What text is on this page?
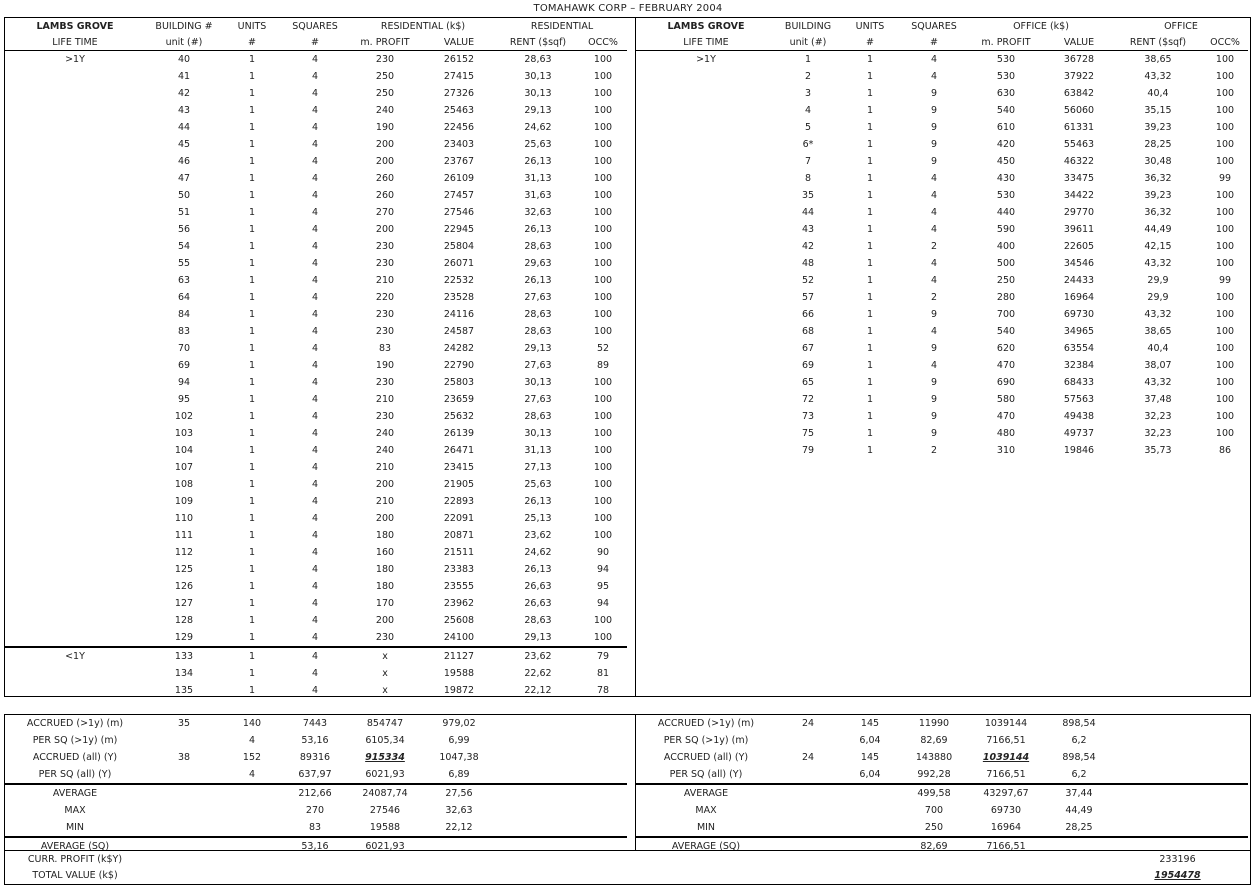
TOMAHAWK CORP – FEBRUARY 2004
LAMBS GROVE	BUILDING #	UNITS	SQUARES	RESIDENTIAL (k$)		RESIDENTIAL	
LIFE TIME	unit (#)	#	#	m. PROFIT	VALUE	RENT ($sqf)	OCC%
>1Y	40	1	4	230	26152	28,63	100
	41	1	4	250	27415	30,13	100
	42	1	4	250	27326	30,13	100
	43	1	4	240	25463	29,13	100
	44	1	4	190	22456	24,62	100
	45	1	4	200	23403	25,63	100
	46	1	4	200	23767	26,13	100
	47	1	4	260	26109	31,13	100
	50	1	4	260	27457	31,63	100
	51	1	4	270	27546	32,63	100
	56	1	4	200	22945	26,13	100
	54	1	4	230	25804	28,63	100
	55	1	4	230	26071	29,63	100
	63	1	4	210	22532	26,13	100
	64	1	4	220	23528	27,63	100
	84	1	4	230	24116	28,63	100
	83	1	4	230	24587	28,63	100
	70	1	4	83	24282	29,13	52
	69	1	4	190	22790	27,63	89
	94	1	4	230	25803	30,13	100
	95	1	4	210	23659	27,63	100
	102	1	4	230	25632	28,63	100
	103	1	4	240	26139	30,13	100
	104	1	4	240	26471	31,13	100
	107	1	4	210	23415	27,13	100
	108	1	4	200	21905	25,63	100
	109	1	4	210	22893	26,13	100
	110	1	4	200	22091	25,13	100
	111	1	4	180	20871	23,62	100
	112	1	4	160	21511	24,62	90
	125	1	4	180	23383	26,13	94
	126	1	4	180	23555	26,63	95
	127	1	4	170	23962	26,63	94
	128	1	4	200	25608	28,63	100
	129	1	4	230	24100	29,13	100
<1Y	133	1	4	x	21127	23,62	79
	134	1	4	x	19588	22,62	81
	135	1	4	x	19872	22,12	78
LAMBS GROVE	BUILDING	UNITS	SQUARES	OFFICE (k$)		OFFICE	
LIFE TIME	unit (#)	#	#	m. PROFIT	VALUE	RENT ($sqf)	OCC%
>1Y	1	1	4	530	36728	38,65	100
	2	1	4	530	37922	43,32	100
	3	1	9	630	63842	40,4	100
	4	1	9	540	56060	35,15	100
	5	1	9	610	61331	39,23	100
	6*	1	9	420	55463	28,25	100
	7	1	9	450	46322	30,48	100
	8	1	4	430	33475	36,32	99
	35	1	4	530	34422	39,23	100
	44	1	4	440	29770	36,32	100
	43	1	4	590	39611	44,49	100
	42	1	2	400	22605	42,15	100
	48	1	4	500	34546	43,32	100
	52	1	4	250	24433	29,9	99
	57	1	2	280	16964	29,9	100
	66	1	9	700	69730	43,32	100
	68	1	4	540	34965	38,65	100
	67	1	9	620	63554	40,4	100
	69	1	4	470	32384	38,07	100
	65	1	9	690	68433	43,32	100
	72	1	9	580	57563	37,48	100
	73	1	9	470	49438	32,23	100
	75	1	9	480	49737	32,23	100
	79	1	2	310	19846	35,73	86
ACCRUED (>1y) (m)	35	140	7443	854747	979,02		
PER SQ (>1y) (m)		4	53,16	6105,34	6,99		
ACCRUED (all) (Y)	38	152	89316	915334	1047,38		
PER SQ (all) (Y)		4	637,97	6021,93	6,89		
AVERAGE			212,66	24087,74	27,56		
MAX			270	27546	32,63		
MIN			83	19588	22,12		
AVERAGE (SQ)			53,16	6021,93			
ACCRUED (>1y) (m)	24	145	11990	1039144	898,54		
PER SQ (>1y) (m)		6,04	82,69	7166,51	6,2		
ACCRUED (all) (Y)	24	145	143880	1039144	898,54		
PER SQ (all) (Y)		6,04	992,28	7166,51	6,2		
AVERAGE			499,58	43297,67	37,44		
MAX			700	69730	44,49		
MIN			250	16964	28,25		
AVERAGE (SQ)			82,69	7166,51			
CURR. PROFIT (k$Y)		233196
TOTAL VALUE (k$)		1954478
